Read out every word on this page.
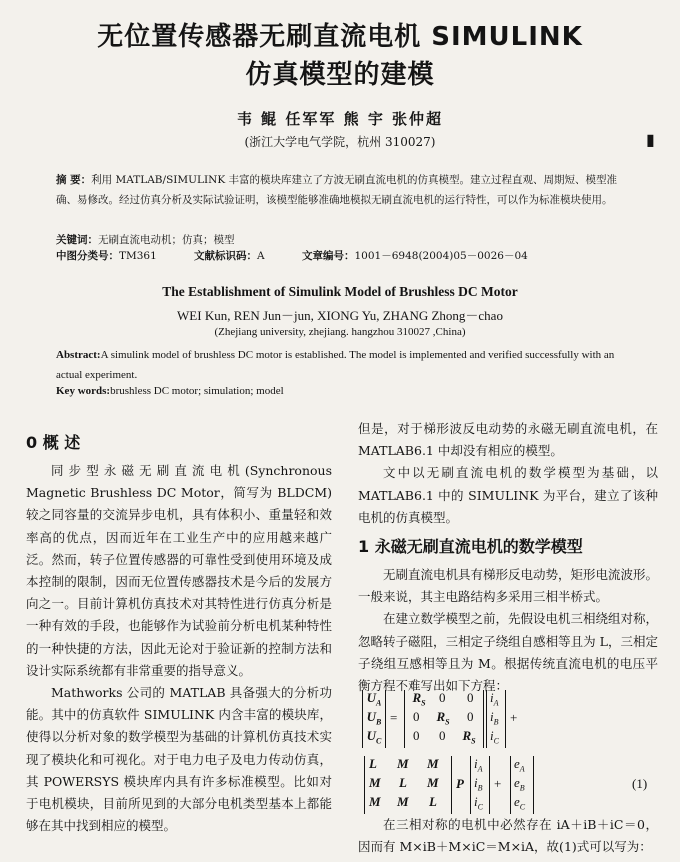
无位置传感器无刷直流电机 SIMULINK
仿真模型的建模
韦 鲲 任军军 熊 宇 张仲超
(浙江大学电气学院，杭州 310027)	▮
摘 要：利用 MATLAB/SIMULINK 丰富的模块库建立了方波无刷直流电机的仿真模型。建立过程直观、周期短、模型准确、易修改。经过仿真分析及实际试验证明，该模型能够准确地模拟无刷直流电机的运行特性，可以作为标准模块使用。
关键词：无刷直流电动机；仿真；模型
中图分类号：TM361	文献标识码：A	文章编号：1001－6948(2004)05－0026－04
The Establishment of Simulink Model of Brushless DC Motor
WEI Kun, REN Jun－jun, XIONG Yu, ZHANG Zhong－chao
(Zhejiang university, zhejiang. hangzhou 310027 ,China)
Abstract:A simulink model of brushless DC motor is established. The model is implemented and verified successfully with an actual experiment.
Key words:brushless DC motor; simulation; model
0 概 述

同步型永磁无刷直流电机(Synchronous Magnetic Brushless DC Motor，简写为 BLDCM)较之同容量的交流异步电机，具有体积小、重量轻和效率高的优点，因而近年在工业生产中的应用越来越广泛。然而，转子位置传感器的可靠性受到使用环境及成本控制的限制，因而无位置传感器技术是今后的发展方向之一。目前计算机仿真技术对其特性进行仿真分析是一种有效的手段，也能够作为试验前分析电机某种特性的一种快捷的方法，因此无论对于验证新的控制方法和设计实际系统都有非常重要的指导意义。

Mathworks 公司的 MATLAB 具备强大的分析功能。其中的仿真软件 SIMULINK 内含丰富的模块库，使得以分析对象的数学模型为基础的计算机仿真技术实现了模块化和可视化。对于电力电子及电力传动仿真，其 POWERSYS 模块库内具有许多标准模型。比如对于电机模块，目前所见到的大部分电机类型基本上都能够在其中找到相应的模型。

但是，对于梯形波反电动势的永磁无刷直流电机，在 MATLAB6.1 中却没有相应的模型。

文中以无刷直流电机的数学模型为基础，以 MATLAB6.1 中的 SIMULINK 为平台，建立了该种电机的仿真模型。

1 永磁无刷直流电机的数学模型

无刷直流电机具有梯形反电动势，矩形电流波形。一般来说，其主电路结构多采用三相半桥式。

在建立数学模型之前，先假设电机三相绕组对称，忽略转子磁阻，三相定子绕组自感相等且为 L，三相定子绕组互感相等且为 M。根据传统直流电机的电压平衡方程不难写出如下方程：

$U_A$
$U_B$
$U_C$
=
$R_S$	0 0
0	$R_S$	0
0 0	$R_S$
$i_A$
$i_B$
$i_C$
+
L M M
M L M
M M L
P
$i_A$
$i_B$
$i_C$
+
$e_A$
$e_B$
$e_C$
(1)

在三相对称的电机中必然存在 iA＋iB＋iC＝0，因而有 M×iB＋M×iC＝M×iA，故(1)式可以写为：
